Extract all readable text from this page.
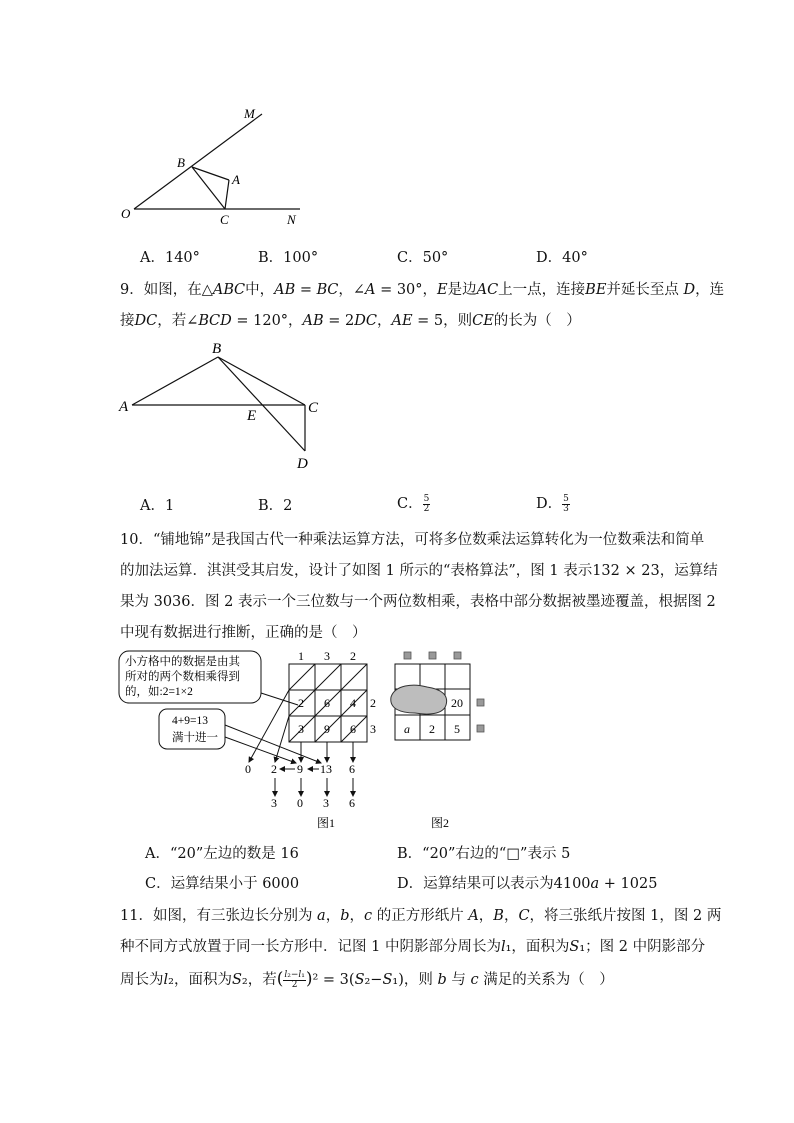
M
B
A
O	C	N
A．140°	B．100°	C．50°	D．40°
9．如图，在△𝐴𝐵𝐶中，𝐴𝐵 = 𝐵𝐶，∠𝐴 = 30°，𝐸是边𝐴𝐶上一点，连接𝐵𝐸并延长至点 𝐷，连
接𝐷𝐶，若∠𝐵𝐶𝐷 = 120°，𝐴𝐵 = 2𝐷𝐶，𝐴𝐸 = 5，则𝐶𝐸的长为（　）
B
A	C
E
D
A．1	B．2	C． $\frac{5}{2}$	D． $\frac{5}{3}$
10．“铺地锦”是我国古代一种乘法运算方法，可将多位数乘法运算转化为一位数乘法和简单
的加法运算．淇淇受其启发，设计了如图 1 所示的“表格算法”，图 1 表示132 × 23，运算结
果为 3036．图 2 表示一个三位数与一个两位数相乘，表格中部分数据被墨迹覆盖，根据图 2
中现有数据进行推断，正确的是（　）
小方格中的数据是由其
所对的两个数相乘得到
的，如:2=1×2
4+9=13
满十进一
1 3 2
2
3
2 6 4
3 9 6
0 2 9 13 6
3 0 3 6
图1
20
a 2 5
图2
A．“20”左边的数是 16	B．“20”右边的“□”表示 5
C．运算结果小于 6000	D．运算结果可以表示为4100𝑎 + 1025
11．如图，有三张边长分别为 𝑎，𝑏，𝑐 的正方形纸片 𝐴，𝐵，𝐶，将三张纸片按图 1，图 2 两
种不同方式放置于同一长方形中．记图 1 中阴影部分周长为𝑙₁，面积为𝑆₁；图 2 中阴影部分
周长为𝑙₂，面积为𝑆₂，若( $\frac{\text{𝑙₂−𝑙₁}}{2} )^2$ = 3(𝑆₂−𝑆₁)，则 𝑏 与 𝑐 满足的关系为（　）
